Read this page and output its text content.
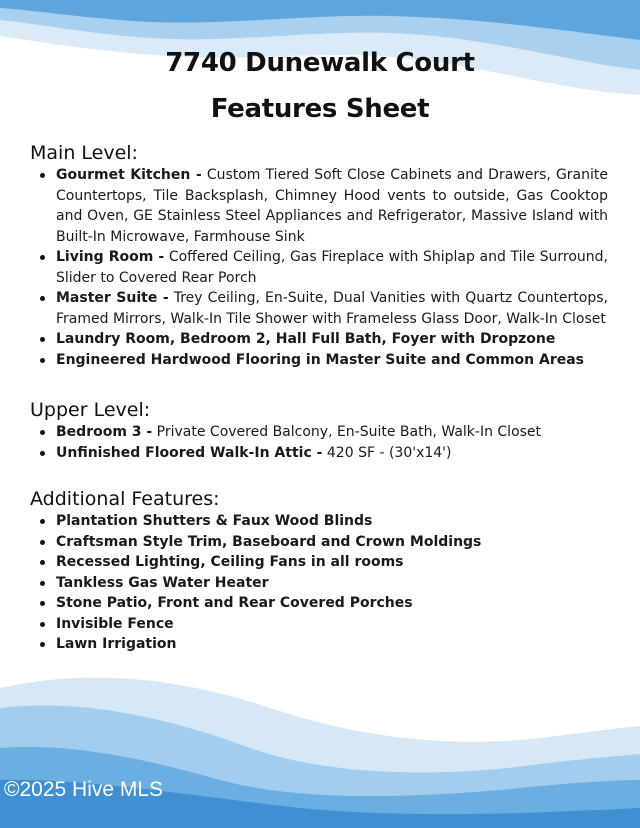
7740 Dunewalk Court
Features Sheet
Main Level:
Gourmet Kitchen - Custom Tiered Soft Close Cabinets and Drawers, Granite Countertops, Tile Backsplash, Chimney Hood vents to outside, Gas Cooktop and Oven, GE Stainless Steel Appliances and Refrigerator, Massive Island with Built-In Microwave, Farmhouse Sink
Living Room - Coffered Ceiling, Gas Fireplace with Shiplap and Tile Surround, Slider to Covered Rear Porch
Master Suite - Trey Ceiling, En-Suite, Dual Vanities with Quartz Countertops, Framed Mirrors, Walk-In Tile Shower with Frameless Glass Door, Walk-In Closet
Laundry Room, Bedroom 2, Hall Full Bath, Foyer with Dropzone
Engineered Hardwood Flooring in Master Suite and Common Areas
Upper Level:
Bedroom 3 - Private Covered Balcony, En-Suite Bath, Walk-In Closet
Unfinished Floored Walk-In Attic - 420 SF - (30'x14')
Additional Features:
Plantation Shutters & Faux Wood Blinds
Craftsman Style Trim, Baseboard and Crown Moldings
Recessed Lighting, Ceiling Fans in all rooms
Tankless Gas Water Heater
Stone Patio, Front and Rear Covered Porches
Invisible Fence
Lawn Irrigation
©2025 Hive MLS
